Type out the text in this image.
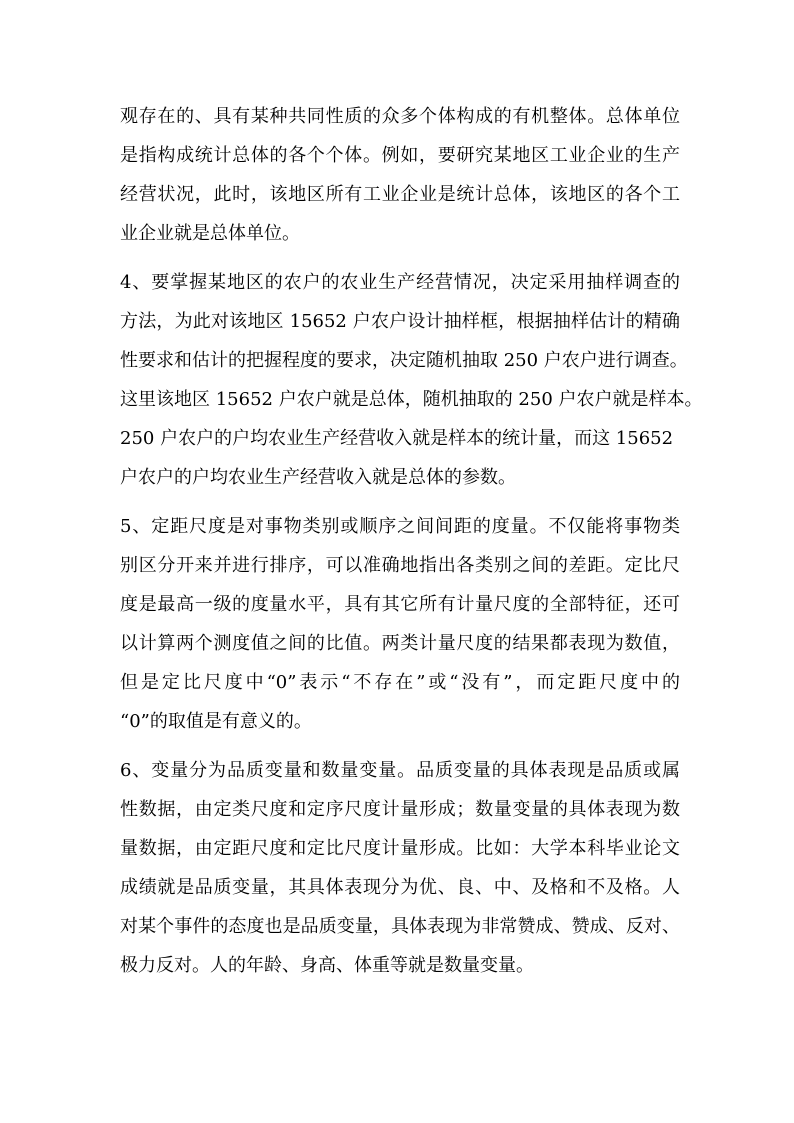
观存在的、具有某种共同性质的众多个体构成的有机整体。总体单位
是指构成统计总体的各个个体。例如，要研究某地区工业企业的生产
经营状况，此时，该地区所有工业企业是统计总体，该地区的各个工
业企业就是总体单位。
4、要掌握某地区的农户的农业生产经营情况，决定采用抽样调查的
方法，为此对该地区 15652 户农户设计抽样框，根据抽样估计的精确
性要求和估计的把握程度的要求，决定随机抽取 250 户农户进行调查。
这里该地区 15652 户农户就是总体，随机抽取的 250 户农户就是样本。
250 户农户的户均农业生产经营收入就是样本的统计量，而这 15652
户农户的户均农业生产经营收入就是总体的参数。
5、定距尺度是对事物类别或顺序之间间距的度量。不仅能将事物类
别区分开来并进行排序，可以准确地指出各类别之间的差距。定比尺
度是最高一级的度量水平，具有其它所有计量尺度的全部特征，还可
以计算两个测度值之间的比值。两类计量尺度的结果都表现为数值，
但是定比尺度中“0”表示“不存在”或“没有”，而定距尺度中的
“0”的取值是有意义的。
6、变量分为品质变量和数量变量。品质变量的具体表现是品质或属
性数据，由定类尺度和定序尺度计量形成；数量变量的具体表现为数
量数据，由定距尺度和定比尺度计量形成。比如：大学本科毕业论文
成绩就是品质变量，其具体表现分为优、良、中、及格和不及格。人
对某个事件的态度也是品质变量，具体表现为非常赞成、赞成、反对、
极力反对。人的年龄、身高、体重等就是数量变量。
